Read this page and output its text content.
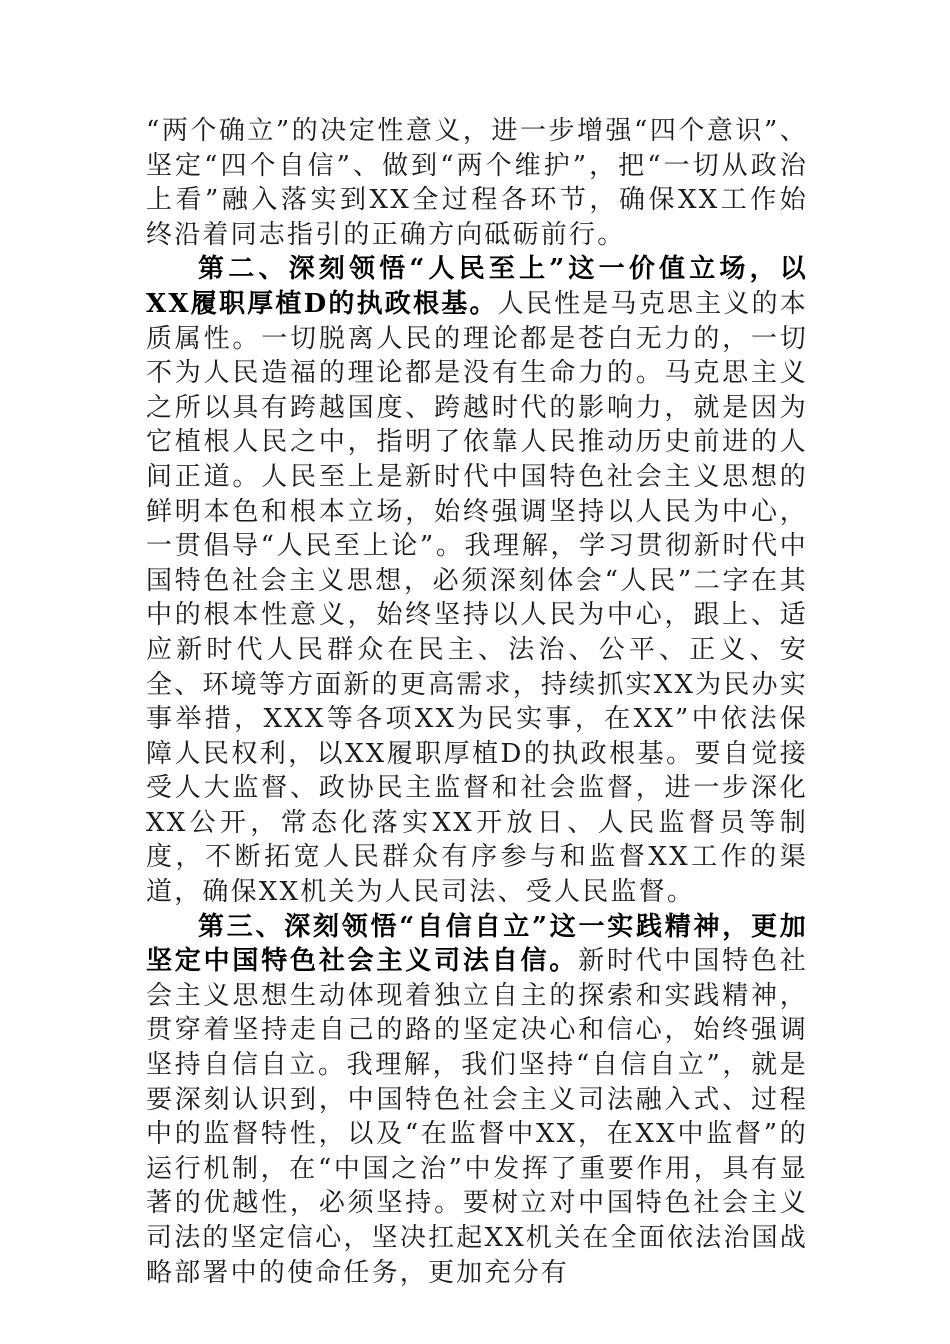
“两个确立”的决定性意义，进一步增强“四个意识”、坚定“四个自信”、做到“两个维护”，把“一切从政治上看”融入落实到XX全过程各环节，确保XX工作始终沿着同志指引的正确方向砥砺前行。

第二、深刻领悟“人民至上”这一价值立场，以XX履职厚植D的执政根基。人民性是马克思主义的本质属性。一切脱离人民的理论都是苍白无力的，一切不为人民造福的理论都是没有生命力的。马克思主义之所以具有跨越国度、跨越时代的影响力，就是因为它植根人民之中，指明了依靠人民推动历史前进的人间正道。人民至上是新时代中国特色社会主义思想的鲜明本色和根本立场，始终强调坚持以人民为中心，一贯倡导“人民至上论”。我理解，学习贯彻新时代中国特色社会主义思想，必须深刻体会“人民”二字在其中的根本性意义，始终坚持以人民为中心，跟上、适应新时代人民群众在民主、法治、公平、正义、安全、环境等方面新的更高需求，持续抓实XX为民办实事举措，XXX等各项XX为民实事，在XX”中依法保障人民权利，以XX履职厚植D的执政根基。要自觉接受人大监督、政协民主监督和社会监督，进一步深化XX公开，常态化落实XX开放日、人民监督员等制度，不断拓宽人民群众有序参与和监督XX工作的渠道，确保XX机关为人民司法、受人民监督。

第三、深刻领悟“自信自立”这一实践精神，更加坚定中国特色社会主义司法自信。新时代中国特色社会主义思想生动体现着独立自主的探索和实践精神，贯穿着坚持走自己的路的坚定决心和信心，始终强调坚持自信自立。我理解，我们坚持“自信自立”，就是要深刻认识到，中国特色社会主义司法融入式、过程中的监督特性，以及“在监督中XX，在XX中监督”的运行机制，在“中国之治”中发挥了重要作用，具有显著的优越性，必须坚持。要树立对中国特色社会主义司法的坚定信心，坚决扛起XX机关在全面依法治国战略部署中的使命任务，更加充分有
